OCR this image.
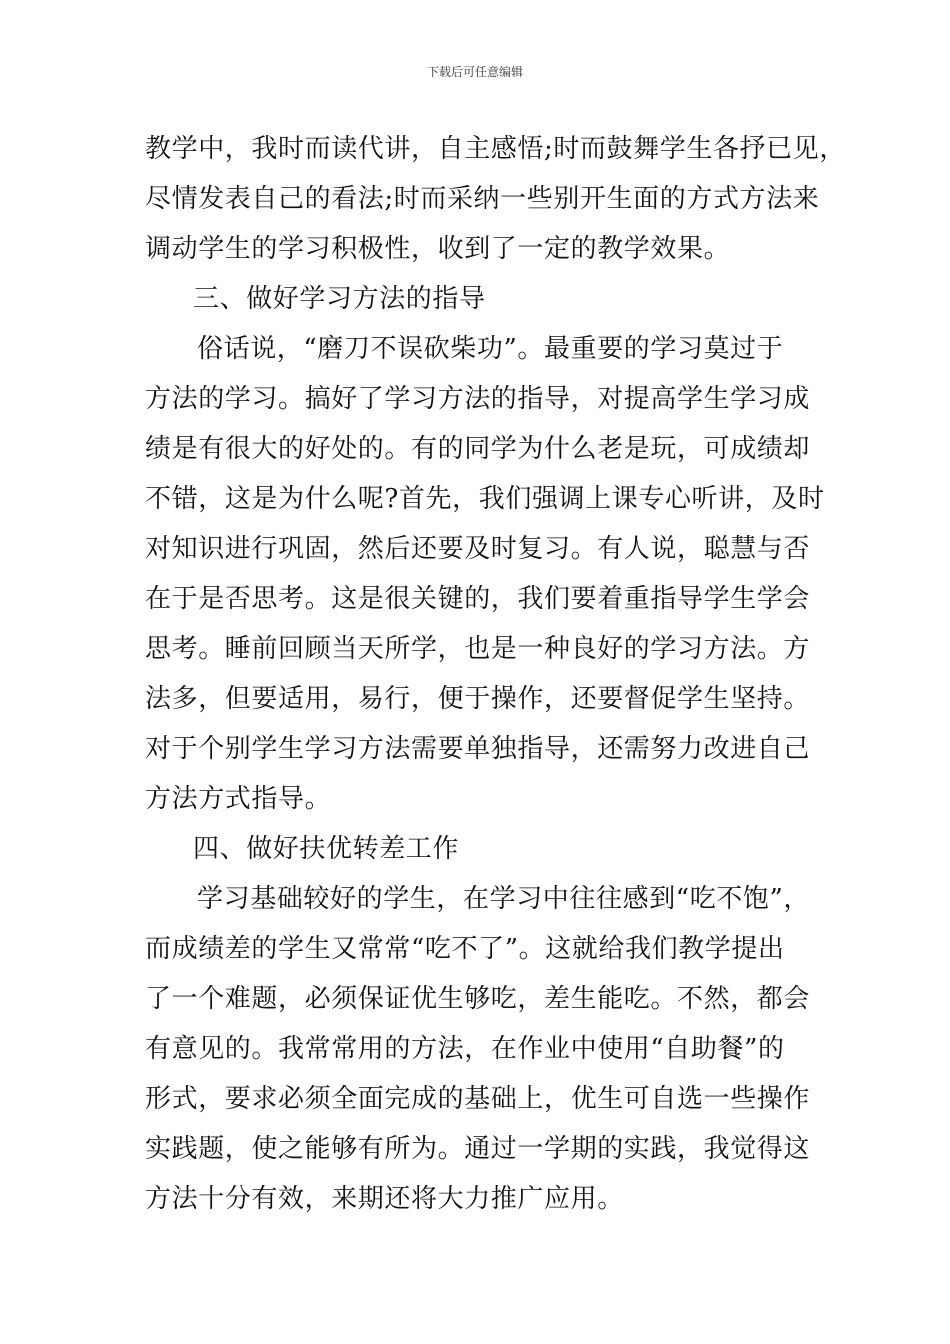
下载后可任意编辑
教学中，我时而读代讲，自主感悟;时而鼓舞学生各抒已见，
尽情发表自己的看法;时而采纳一些别开生面的方式方法来
调动学生的学习积极性，收到了一定的教学效果。
三、做好学习方法的指导
俗话说，“磨刀不误砍柴功”。最重要的学习莫过于
方法的学习。搞好了学习方法的指导，对提高学生学习成
绩是有很大的好处的。有的同学为什么老是玩，可成绩却
不错，这是为什么呢?首先，我们强调上课专心听讲，及时
对知识进行巩固，然后还要及时复习。有人说，聪慧与否
在于是否思考。这是很关键的，我们要着重指导学生学会
思考。睡前回顾当天所学，也是一种良好的学习方法。方
法多，但要适用，易行，便于操作，还要督促学生坚持。
对于个别学生学习方法需要单独指导，还需努力改进自己
方法方式指导。
四、做好扶优转差工作
学习基础较好的学生，在学习中往往感到“吃不饱”，
而成绩差的学生又常常“吃不了”。这就给我们教学提出
了一个难题，必须保证优生够吃，差生能吃。不然，都会
有意见的。我常常用的方法，在作业中使用“自助餐”的
形式，要求必须全面完成的基础上，优生可自选一些操作
实践题，使之能够有所为。通过一学期的实践，我觉得这
方法十分有效，来期还将大力推广应用。
